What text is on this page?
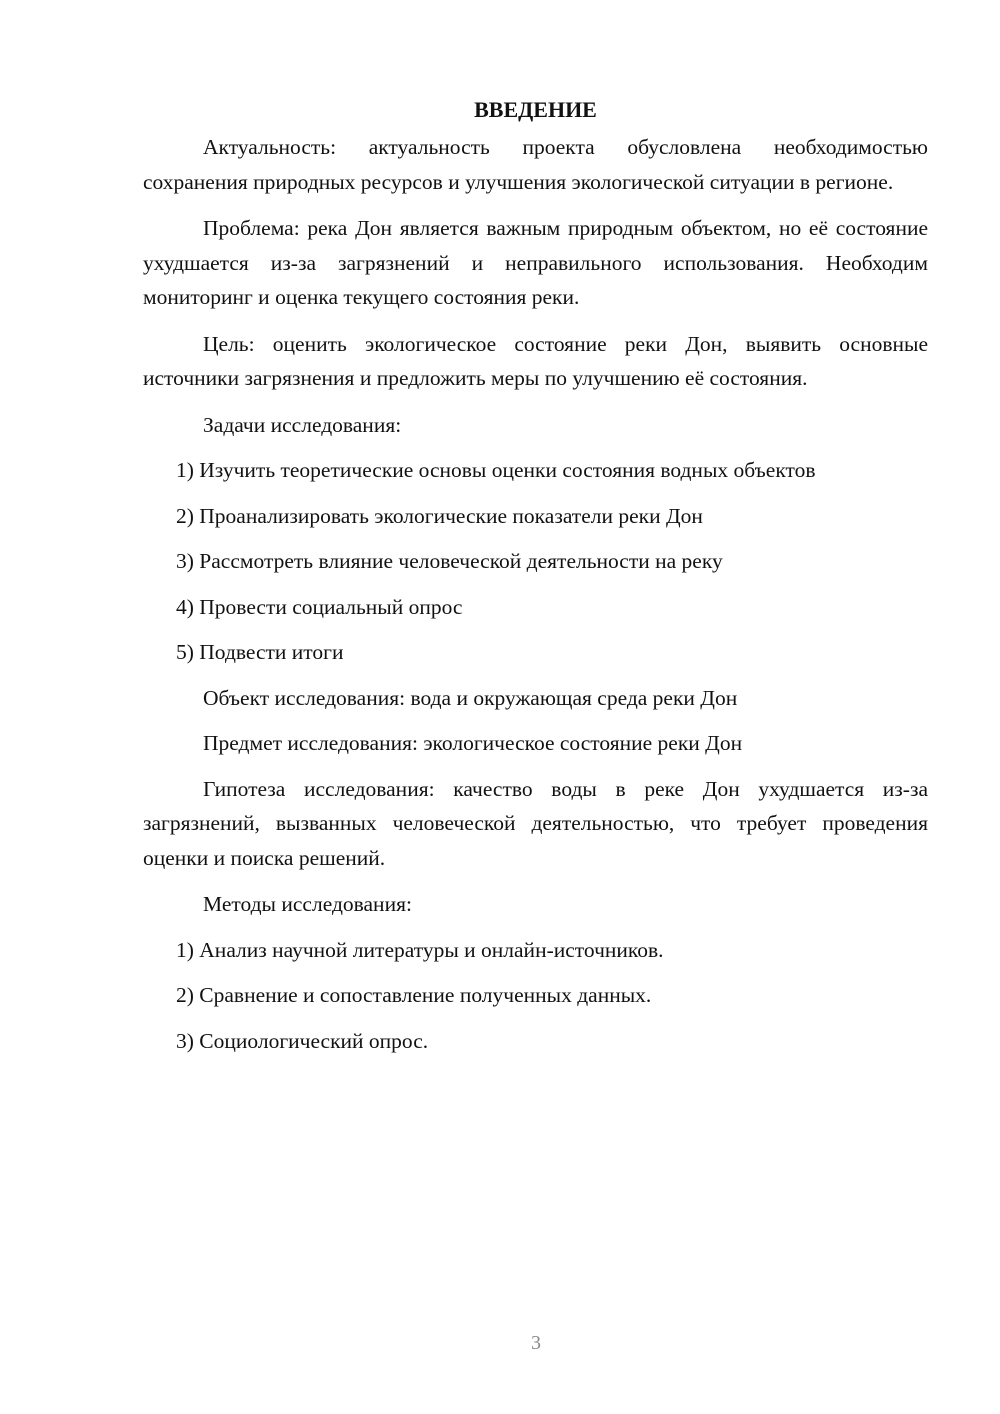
ВВЕДЕНИЕ

Актуальность: актуальность проекта обусловлена необходимостью сохранения природных ресурсов и улучшения экологической ситуации в регионе.

Проблема: река Дон является важным природным объектом, но её состояние ухудшается из-за загрязнений и неправильного использования. Необходим мониторинг и оценка текущего состояния реки.

Цель: оценить экологическое состояние реки Дон, выявить основные источники загрязнения и предложить меры по улучшению её состояния.

Задачи исследования:

1) Изучить теоретические основы оценки состояния водных объектов
2) Проанализировать экологические показатели реки Дон
3) Рассмотреть влияние человеческой деятельности на реку
4) Провести социальный опрос
5) Подвести итоги

Объект исследования: вода и окружающая среда реки Дон

Предмет исследования: экологическое состояние реки Дон

Гипотеза исследования: качество воды в реке Дон ухудшается из-за загрязнений, вызванных человеческой деятельностью, что требует проведения оценки и поиска решений.

Методы исследования:

1) Анализ научной литературы и онлайн-источников.
2) Сравнение и сопоставление полученных данных.
3) Социологический опрос.
3
